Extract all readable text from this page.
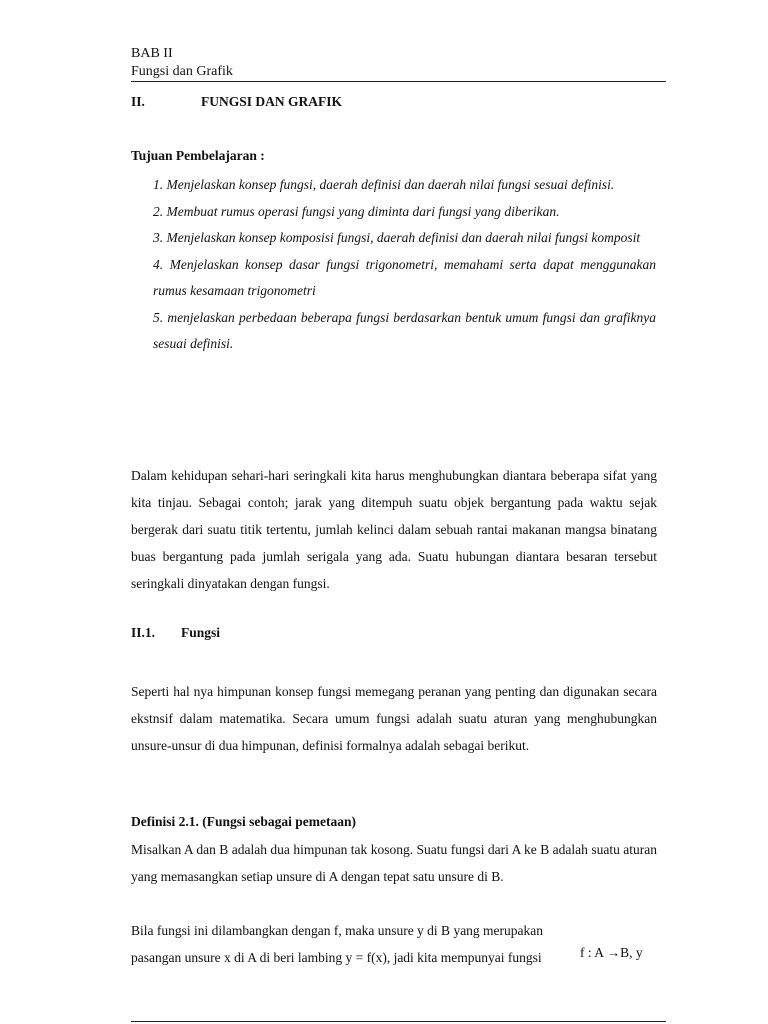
BAB II
Fungsi dan Grafik
II.	FUNGSI DAN GRAFIK
Tujuan Pembelajaran :
1. Menjelaskan konsep fungsi, daerah definisi dan daerah nilai fungsi sesuai definisi.
2. Membuat rumus operasi fungsi yang diminta dari fungsi yang diberikan.
3. Menjelaskan konsep komposisi fungsi, daerah definisi dan daerah nilai fungsi komposit
4. Menjelaskan konsep dasar fungsi trigonometri, memahami serta dapat menggunakan rumus kesamaan trigonometri
5. menjelaskan perbedaan beberapa fungsi berdasarkan bentuk umum fungsi dan grafiknya sesuai definisi.
Dalam kehidupan sehari-hari seringkali kita harus menghubungkan diantara beberapa sifat yang kita tinjau. Sebagai contoh; jarak yang ditempuh suatu objek bergantung pada waktu sejak bergerak dari suatu titik tertentu, jumlah kelinci dalam sebuah rantai makanan mangsa binatang buas bergantung pada jumlah serigala yang ada. Suatu hubungan diantara besaran tersebut seringkali dinyatakan dengan fungsi.
II.1. Fungsi
Seperti hal nya himpunan konsep fungsi memegang peranan yang penting dan digunakan secara ekstnsif dalam matematika. Secara umum fungsi adalah suatu aturan yang menghubungkan unsure-unsur di dua himpunan, definisi formalnya adalah sebagai berikut.
Definisi 2.1. (Fungsi sebagai pemetaan)
Misalkan A dan B adalah dua himpunan tak kosong. Suatu fungsi dari A ke B adalah suatu aturan yang memasangkan setiap unsure di A dengan tepat satu unsure di B.
Bila fungsi ini dilambangkan dengan f, maka unsure y di B yang merupakan pasangan unsure x di A di beri lambing y = f(x), jadi kita mempunyai fungsi	f : A →B, y
